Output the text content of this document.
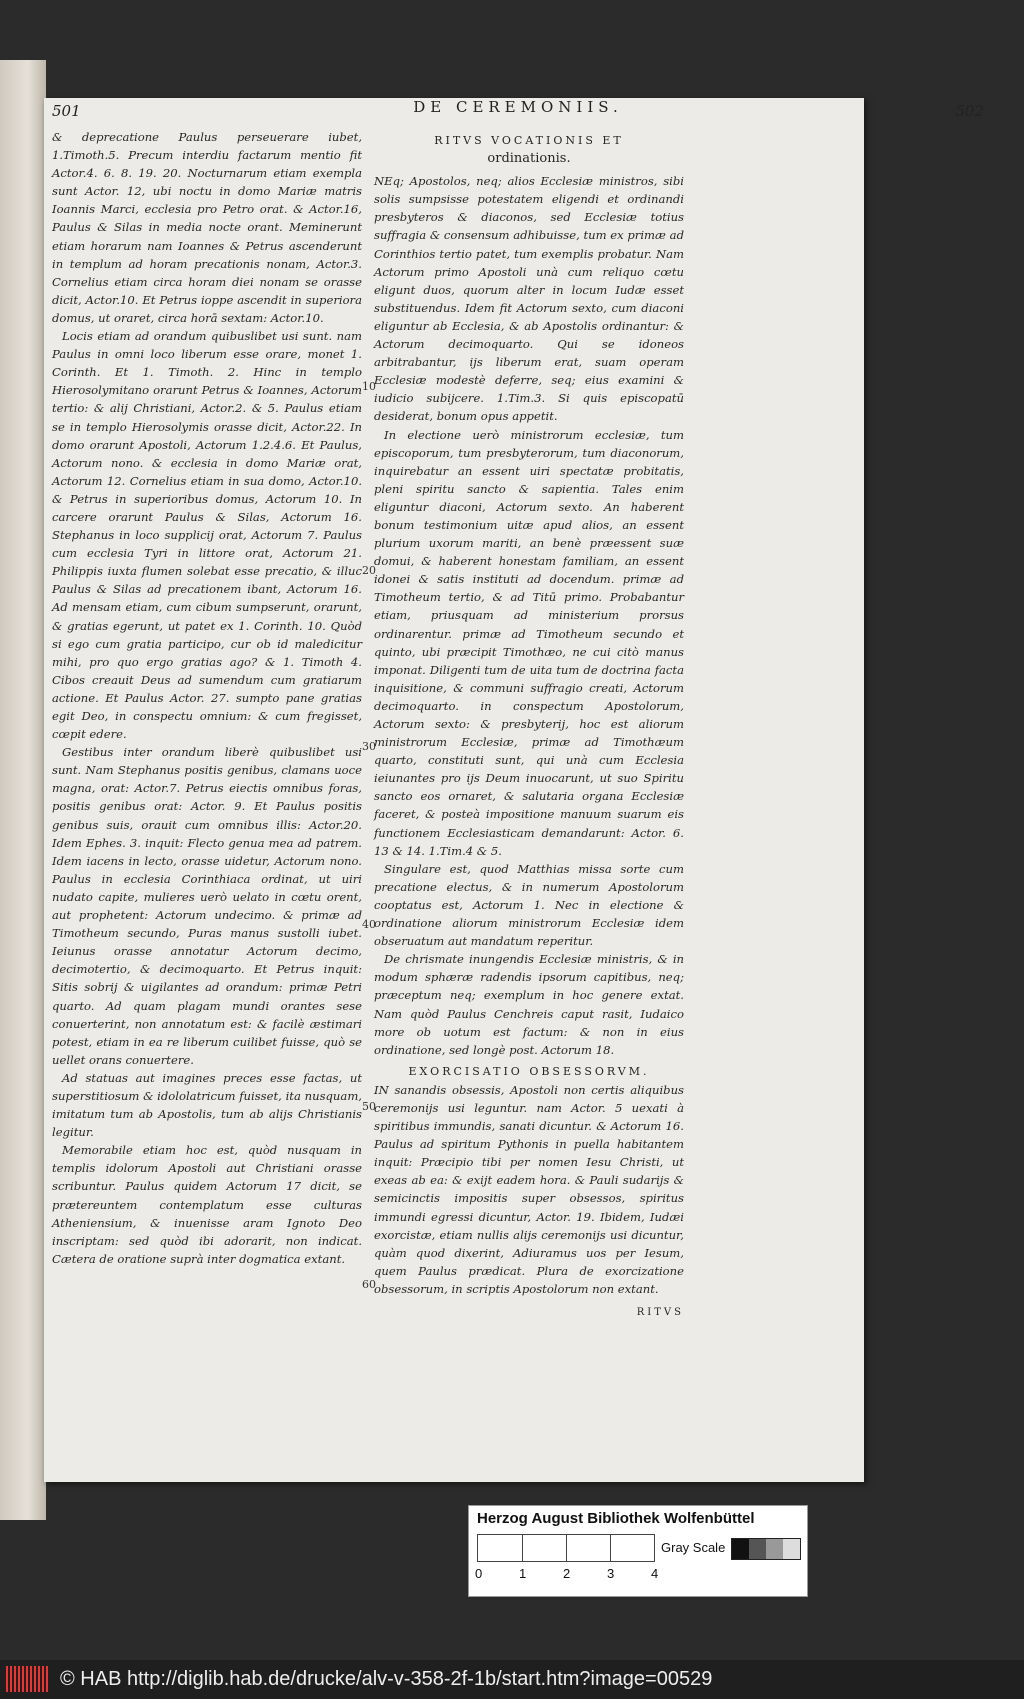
501	DE CEREMONIIS.	502

& deprecatione Paulus perseuerare iubet, 1.Timoth.5. Precum interdiu factarum mentio fit Actor.4. 6. 8. 19. 20. Nocturnarum etiam exempla sunt Actor. 12, ubi noctu in domo Mariæ matris Ioannis Marci, ecclesia pro Petro orat. & Actor.16, Paulus & Silas in media nocte orant. Meminerunt etiam horarum nam Ioannes & Petrus ascenderunt in templum ad horam precationis nonam, Actor.3. Cornelius etiam circa horam diei nonam se orasse dicit, Actor.10. Et Petrus ioppe ascendit in superiora domus, ut oraret, circa horā sextam: Actor.10.

Locis etiam ad orandum quibuslibet usi sunt. nam Paulus in omni loco liberum esse orare, monet 1. Corinth. Et 1. Timoth. 2. Hinc in templo Hierosolymitano orarunt Petrus & Ioannes, Actorum tertio: & alij Christiani, Actor.2. & 5. Paulus etiam se in templo Hierosolymis orasse dicit, Actor.22. In domo orarunt Apostoli, Actorum 1.2.4.6. Et Paulus, Actorum nono. & ecclesia in domo Mariæ orat, Actorum 12. Cornelius etiam in sua domo, Actor.10. & Petrus in superioribus domus, Actorum 10. In carcere orarunt Paulus & Silas, Actorum 16. Stephanus in loco supplicij orat, Actorum 7. Paulus cum ecclesia Tyri in littore orat, Actorum 21. Philippis iuxta flumen solebat esse precatio, & illuc Paulus & Silas ad precationem ibant, Actorum 16. Ad mensam etiam, cum cibum sumpserunt, orarunt, & gratias egerunt, ut patet ex 1. Corinth. 10. Quòd si ego cum gratia participo, cur ob id maledicitur mihi, pro quo ergo gratias ago? & 1. Timoth 4. Cibos creauit Deus ad sumendum cum gratiarum actione. Et Paulus Actor. 27. sumpto pane gratias egit Deo, in conspectu omnium: & cum fregisset, cœpit edere.

Gestibus inter orandum liberè quibuslibet usi sunt. Nam Stephanus positis genibus, clamans uoce magna, orat: Actor.7. Petrus eiectis omnibus foras, positis genibus orat: Actor. 9. Et Paulus positis genibus suis, orauit cum omnibus illis: Actor.20. Idem Ephes. 3. inquit: Flecto genua mea ad patrem. Idem iacens in lecto, orasse uidetur, Actorum nono. Paulus in ecclesia Corinthiaca ordinat, ut uiri nudato capite, mulieres uerò uelato in cœtu orent, aut prophetent: Actorum undecimo. & primæ ad Timotheum secundo, Puras manus sustolli iubet. Ieiunus orasse annotatur Actorum decimo, decimotertio, & decimoquarto. Et Petrus inquit: Sitis sobrij & uigilantes ad orandum: primæ Petri quarto. Ad quam plagam mundi orantes sese conuerterint, non annotatum est: & facilè æstimari potest, etiam in ea re liberum cuilibet fuisse, quò se uellet orans conuertere.

Ad statuas aut imagines preces esse factas, ut superstitiosum & idololatricum fuisset, ita nusquam, imitatum tum ab Apostolis, tum ab alijs Christianis legitur.

Memorabile etiam hoc est, quòd nusquam in templis idolorum Apostoli aut Christiani orasse scribuntur. Paulus quidem Actorum 17 dicit, se prætereuntem contemplatum esse culturas Atheniensium, & inuenisse aram Ignoto Deo inscriptam: sed quòd ibi adorarit, non indicat. Cætera de oratione suprà inter dogmatica extant.

10
20
30
40
50
60
RITVS VOCATIONIS ET
ordinationis.

NEq; Apostolos, neq; alios Ecclesiæ ministros, sibi solis sumpsisse potestatem eligendi et ordinandi presbyteros & diaconos, sed Ecclesiæ totius suffragia & consensum adhibuisse, tum ex primæ ad Corinthios tertio patet, tum exemplis probatur. Nam Actorum primo Apostoli unà cum reliquo cœtu eligunt duos, quorum alter in locum Iudæ esset substituendus. Idem fit Actorum sexto, cum diaconi eliguntur ab Ecclesia, & ab Apostolis ordinantur: & Actorum decimoquarto. Qui se idoneos arbitrabantur, ijs liberum erat, suam operam Ecclesiæ modestè deferre, seq; eius examini & iudicio subijcere. 1.Tim.3. Si quis episcopatū desiderat, bonum opus appetit.

In electione uerò ministrorum ecclesiæ, tum episcoporum, tum presbyterorum, tum diaconorum, inquirebatur an essent uiri spectatæ probitatis, pleni spiritu sancto & sapientia. Tales enim eliguntur diaconi, Actorum sexto. An haberent bonum testimonium uitæ apud alios, an essent plurium uxorum mariti, an benè præessent suæ domui, & haberent honestam familiam, an essent idonei & satis instituti ad docendum. primæ ad Timotheum tertio, & ad Titū primo. Probabantur etiam, priusquam ad ministerium prorsus ordinarentur. primæ ad Timotheum secundo et quinto, ubi præcipit Timothæo, ne cui citò manus imponat. Diligenti tum de uita tum de doctrina facta inquisitione, & communi suffragio creati, Actorum decimoquarto. in conspectum Apostolorum, Actorum sexto: & presbyterij, hoc est aliorum ministrorum Ecclesiæ, primæ ad Timothæum quarto, constituti sunt, qui unà cum Ecclesia ieiunantes pro ijs Deum inuocarunt, ut suo Spiritu sancto eos ornaret, & salutaria organa Ecclesiæ faceret, & posteà impositione manuum suarum eis functionem Ecclesiasticam demandarunt: Actor. 6. 13 & 14. 1.Tim.4 & 5.

Singulare est, quod Matthias missa sorte cum precatione electus, & in numerum Apostolorum cooptatus est, Actorum 1. Nec in electione & ordinatione aliorum ministrorum Ecclesiæ idem obseruatum aut mandatum reperitur.

De chrismate inungendis Ecclesiæ ministris, & in modum sphæræ radendis ipsorum capitibus, neq; præceptum neq; exemplum in hoc genere extat. Nam quòd Paulus Cenchreis caput rasit, Iudaico more ob uotum est factum: & non in eius ordinatione, sed longè post. Actorum 18.

EXORCISATIO OBSESSORVM.

IN sanandis obsessis, Apostoli non certis aliquibus ceremonijs usi leguntur. nam Actor. 5 uexati à spiritibus immundis, sanati dicuntur. & Actorum 16. Paulus ad spiritum Pythonis in puella habitantem inquit: Præcipio tibi per nomen Iesu Christi, ut exeas ab ea: & exijt eadem hora. & Pauli sudarijs & semicinctis impositis super obsessos, spiritus immundi egressi dicuntur, Actor. 19. Ibidem, Iudæi exorcistæ, etiam nullis alijs ceremonijs usi dicuntur, quàm quod dixerint, Adiuramus uos per Iesum, quem Paulus prædicat. Plura de exorcizatione obsessorum, in scriptis Apostolorum non extant.

RITVS
Herzog August Bibliothek Wolfenbüttel
0	1	2	3	4
Gray Scale
© HAB http://diglib.hab.de/drucke/alv-v-358-2f-1b/start.htm?image=00529
